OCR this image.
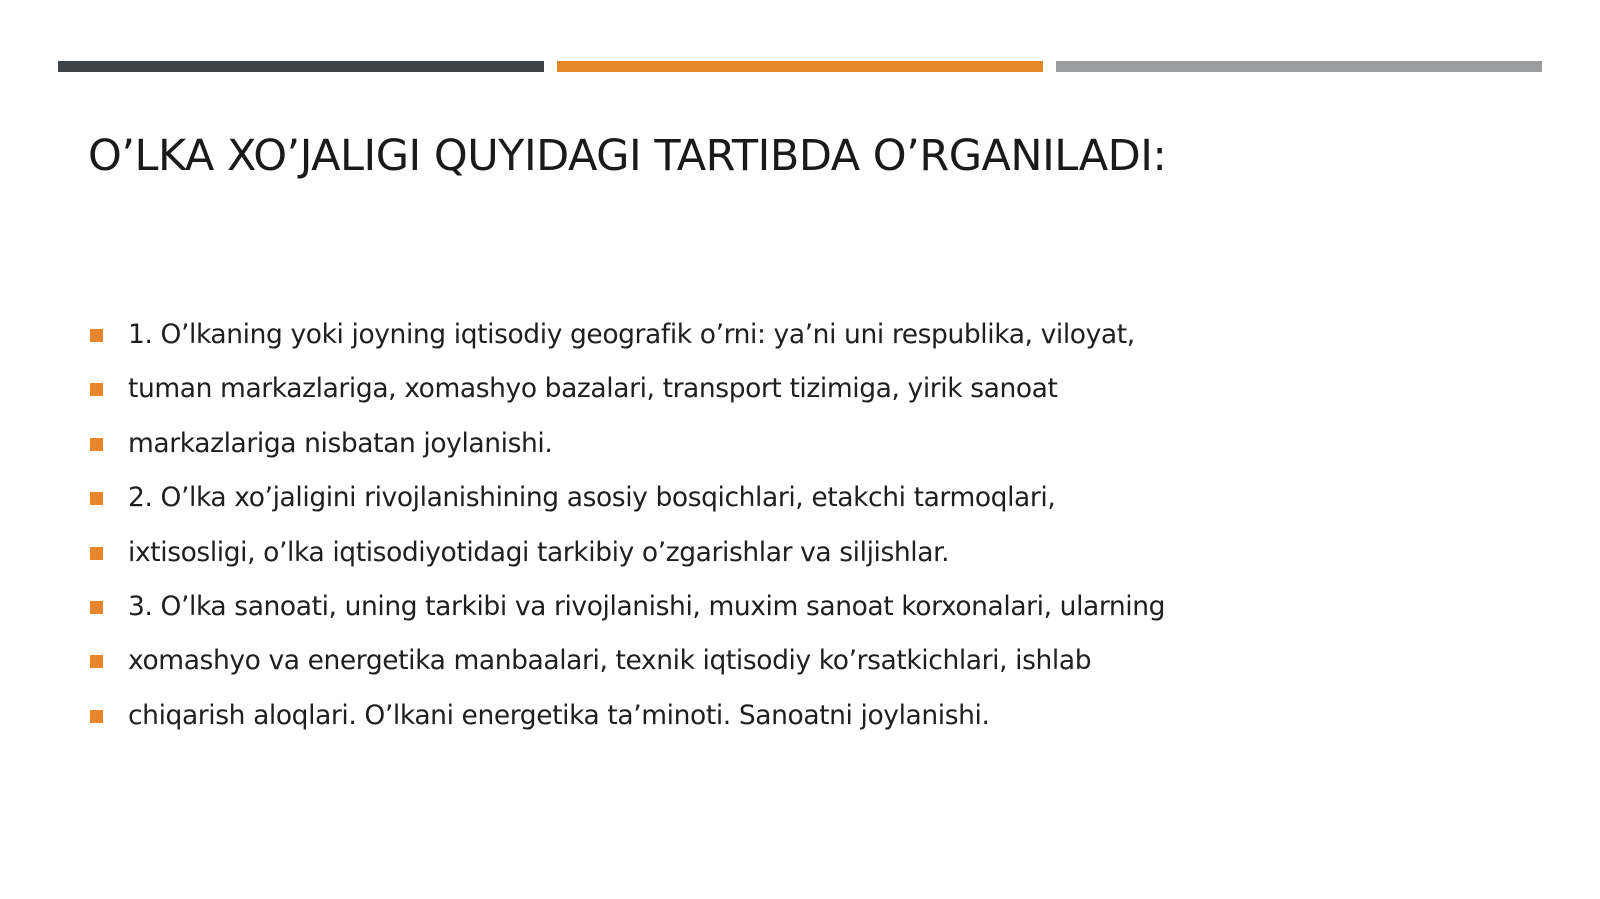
O’LKA XO’JALIGI QUYIDAGI TARTIBDA O’RGANILADI:
1. O’lkaning yoki joyning iqtisodiy geografik o’rni: ya’ni uni respublika, viloyat,
tuman markazlariga, xomashyo bazalari, transport tizimiga, yirik sanoat
markazlariga nisbatan joylanishi.
2. O’lka xo’jaligini rivojlanishining asosiy bosqichlari, etakchi tarmoqlari,
ixtisosligi, o’lka iqtisodiyotidagi tarkibiy o’zgarishlar va siljishlar.
3. O’lka sanoati, uning tarkibi va rivojlanishi, muxim sanoat korxonalari, ularning
xomashyo va energetika manbaalari, texnik iqtisodiy ko’rsatkichlari, ishlab
chiqarish aloqlari. O’lkani energetika ta’minoti. Sanoatni joylanishi.
